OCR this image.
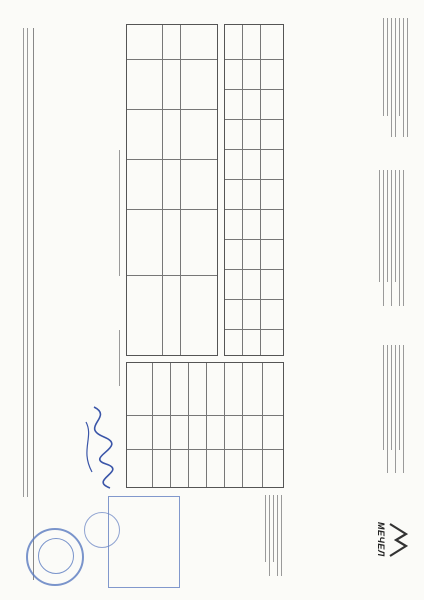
МЕЧЕЛ
